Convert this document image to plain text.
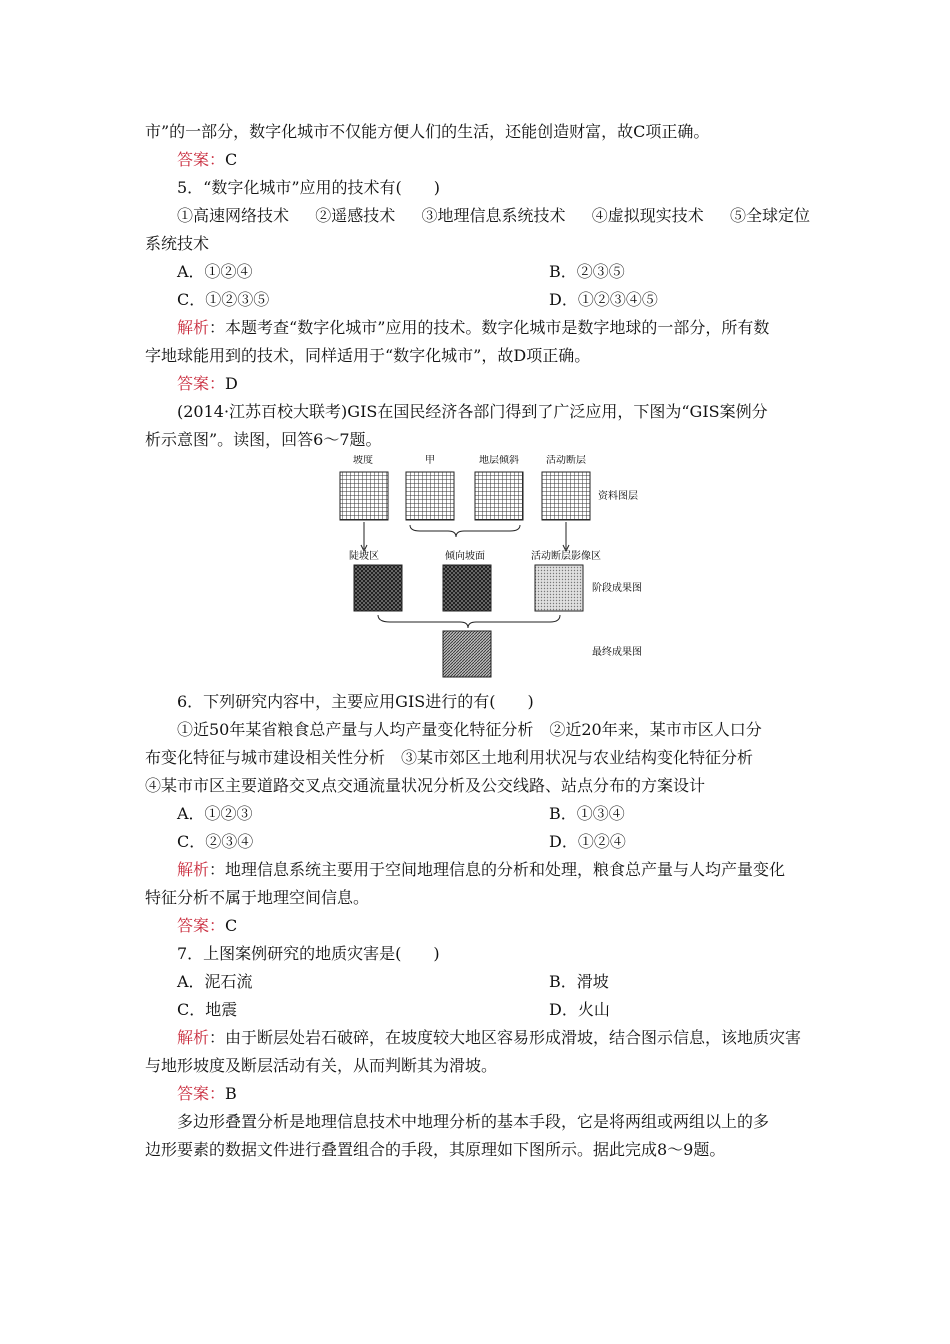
市”的一部分，数字化城市不仅能方便人们的生活，还能创造财富，故C项正确。
答案：C
5．“数字化城市”应用的技术有(　　)
①高速网络技术 ②遥感技术 ③地理信息系统技术 ④虚拟现实技术 ⑤全球定位
系统技术
A．①②④	B．②③⑤
C．①②③⑤	D．①②③④⑤
解析：本题考查“数字化城市”应用的技术。数字化城市是数字地球的一部分，所有数
字地球能用到的技术，同样适用于“数字化城市”，故D项正确。
答案：D
(2014·江苏百校大联考)GIS在国民经济各部门得到了广泛应用，下图为“GIS案例分
析示意图”。读图，回答6～7题。
坡度	甲	地层倾斜	活动断层
资料图层
陡坡区	倾向坡面	活动断层影像区
阶段成果图
最终成果图
6．下列研究内容中，主要应用GIS进行的有(　　)
①近50年某省粮食总产量与人均产量变化特征分析　②近20年来，某市市区人口分
布变化特征与城市建设相关性分析　③某市郊区土地利用状况与农业结构变化特征分析
④某市市区主要道路交叉点交通流量状况分析及公交线路、站点分布的方案设计
A．①②③	B．①③④
C．②③④	D．①②④
解析：地理信息系统主要用于空间地理信息的分析和处理，粮食总产量与人均产量变化
特征分析不属于地理空间信息。
答案：C
7．上图案例研究的地质灾害是(　　)
A．泥石流	B．滑坡
C．地震	D．火山
解析：由于断层处岩石破碎，在坡度较大地区容易形成滑坡，结合图示信息，该地质灾害
与地形坡度及断层活动有关，从而判断其为滑坡。
答案：B
多边形叠置分析是地理信息技术中地理分析的基本手段，它是将两组或两组以上的多
边形要素的数据文件进行叠置组合的手段，其原理如下图所示。据此完成8～9题。
